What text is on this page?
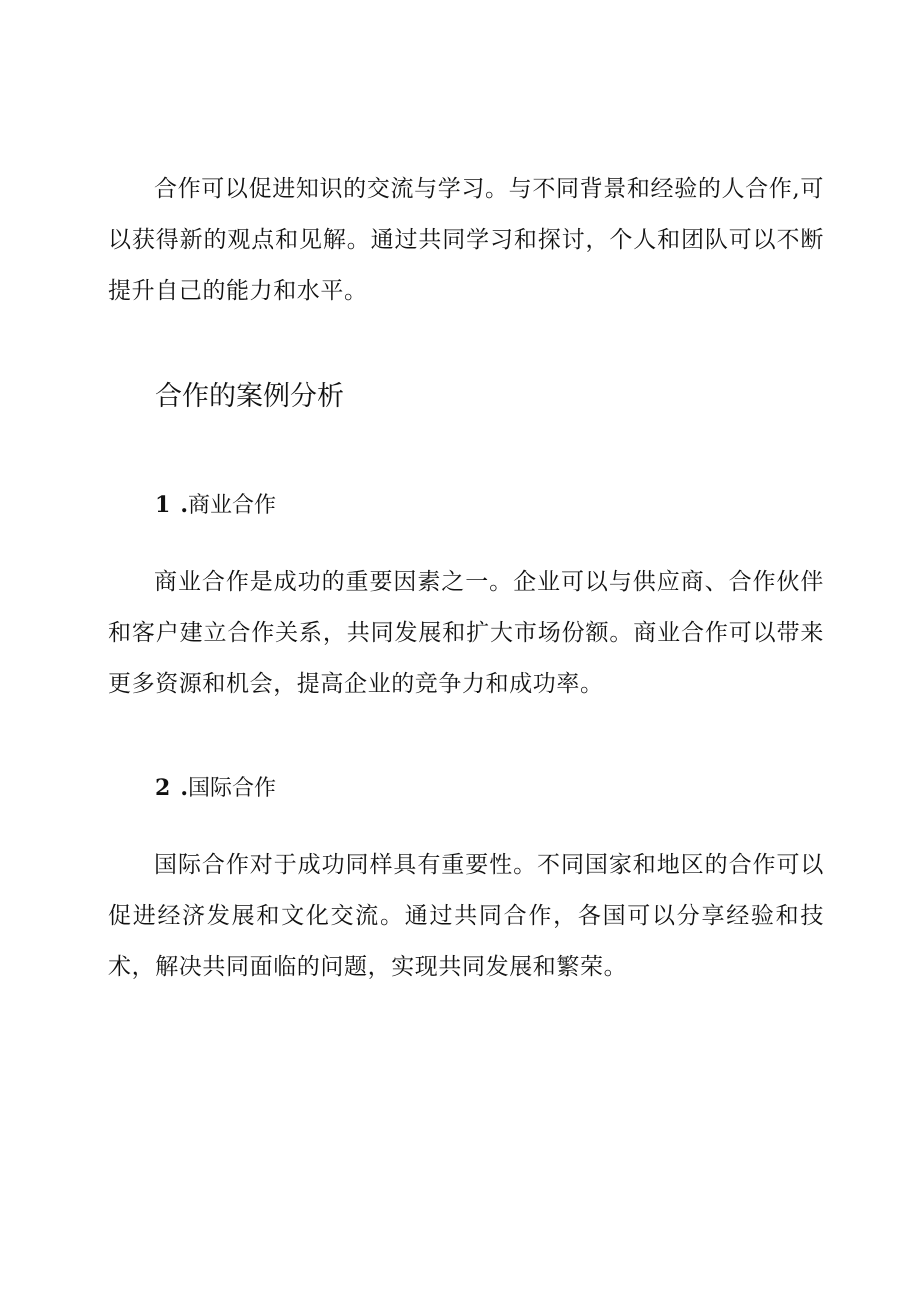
合作可以促进知识的交流与学习。与不同背景和经验的人合作,可以获得新的观点和见解。通过共同学习和探讨，个人和团队可以不断提升自己的能力和水平。

合作的案例分析
1 .商业合作

商业合作是成功的重要因素之一。企业可以与供应商、合作伙伴和客户建立合作关系，共同发展和扩大市场份额。商业合作可以带来更多资源和机会，提高企业的竞争力和成功率。

2 .国际合作

国际合作对于成功同样具有重要性。不同国家和地区的合作可以促进经济发展和文化交流。通过共同合作，各国可以分享经验和技术，解决共同面临的问题，实现共同发展和繁荣。
